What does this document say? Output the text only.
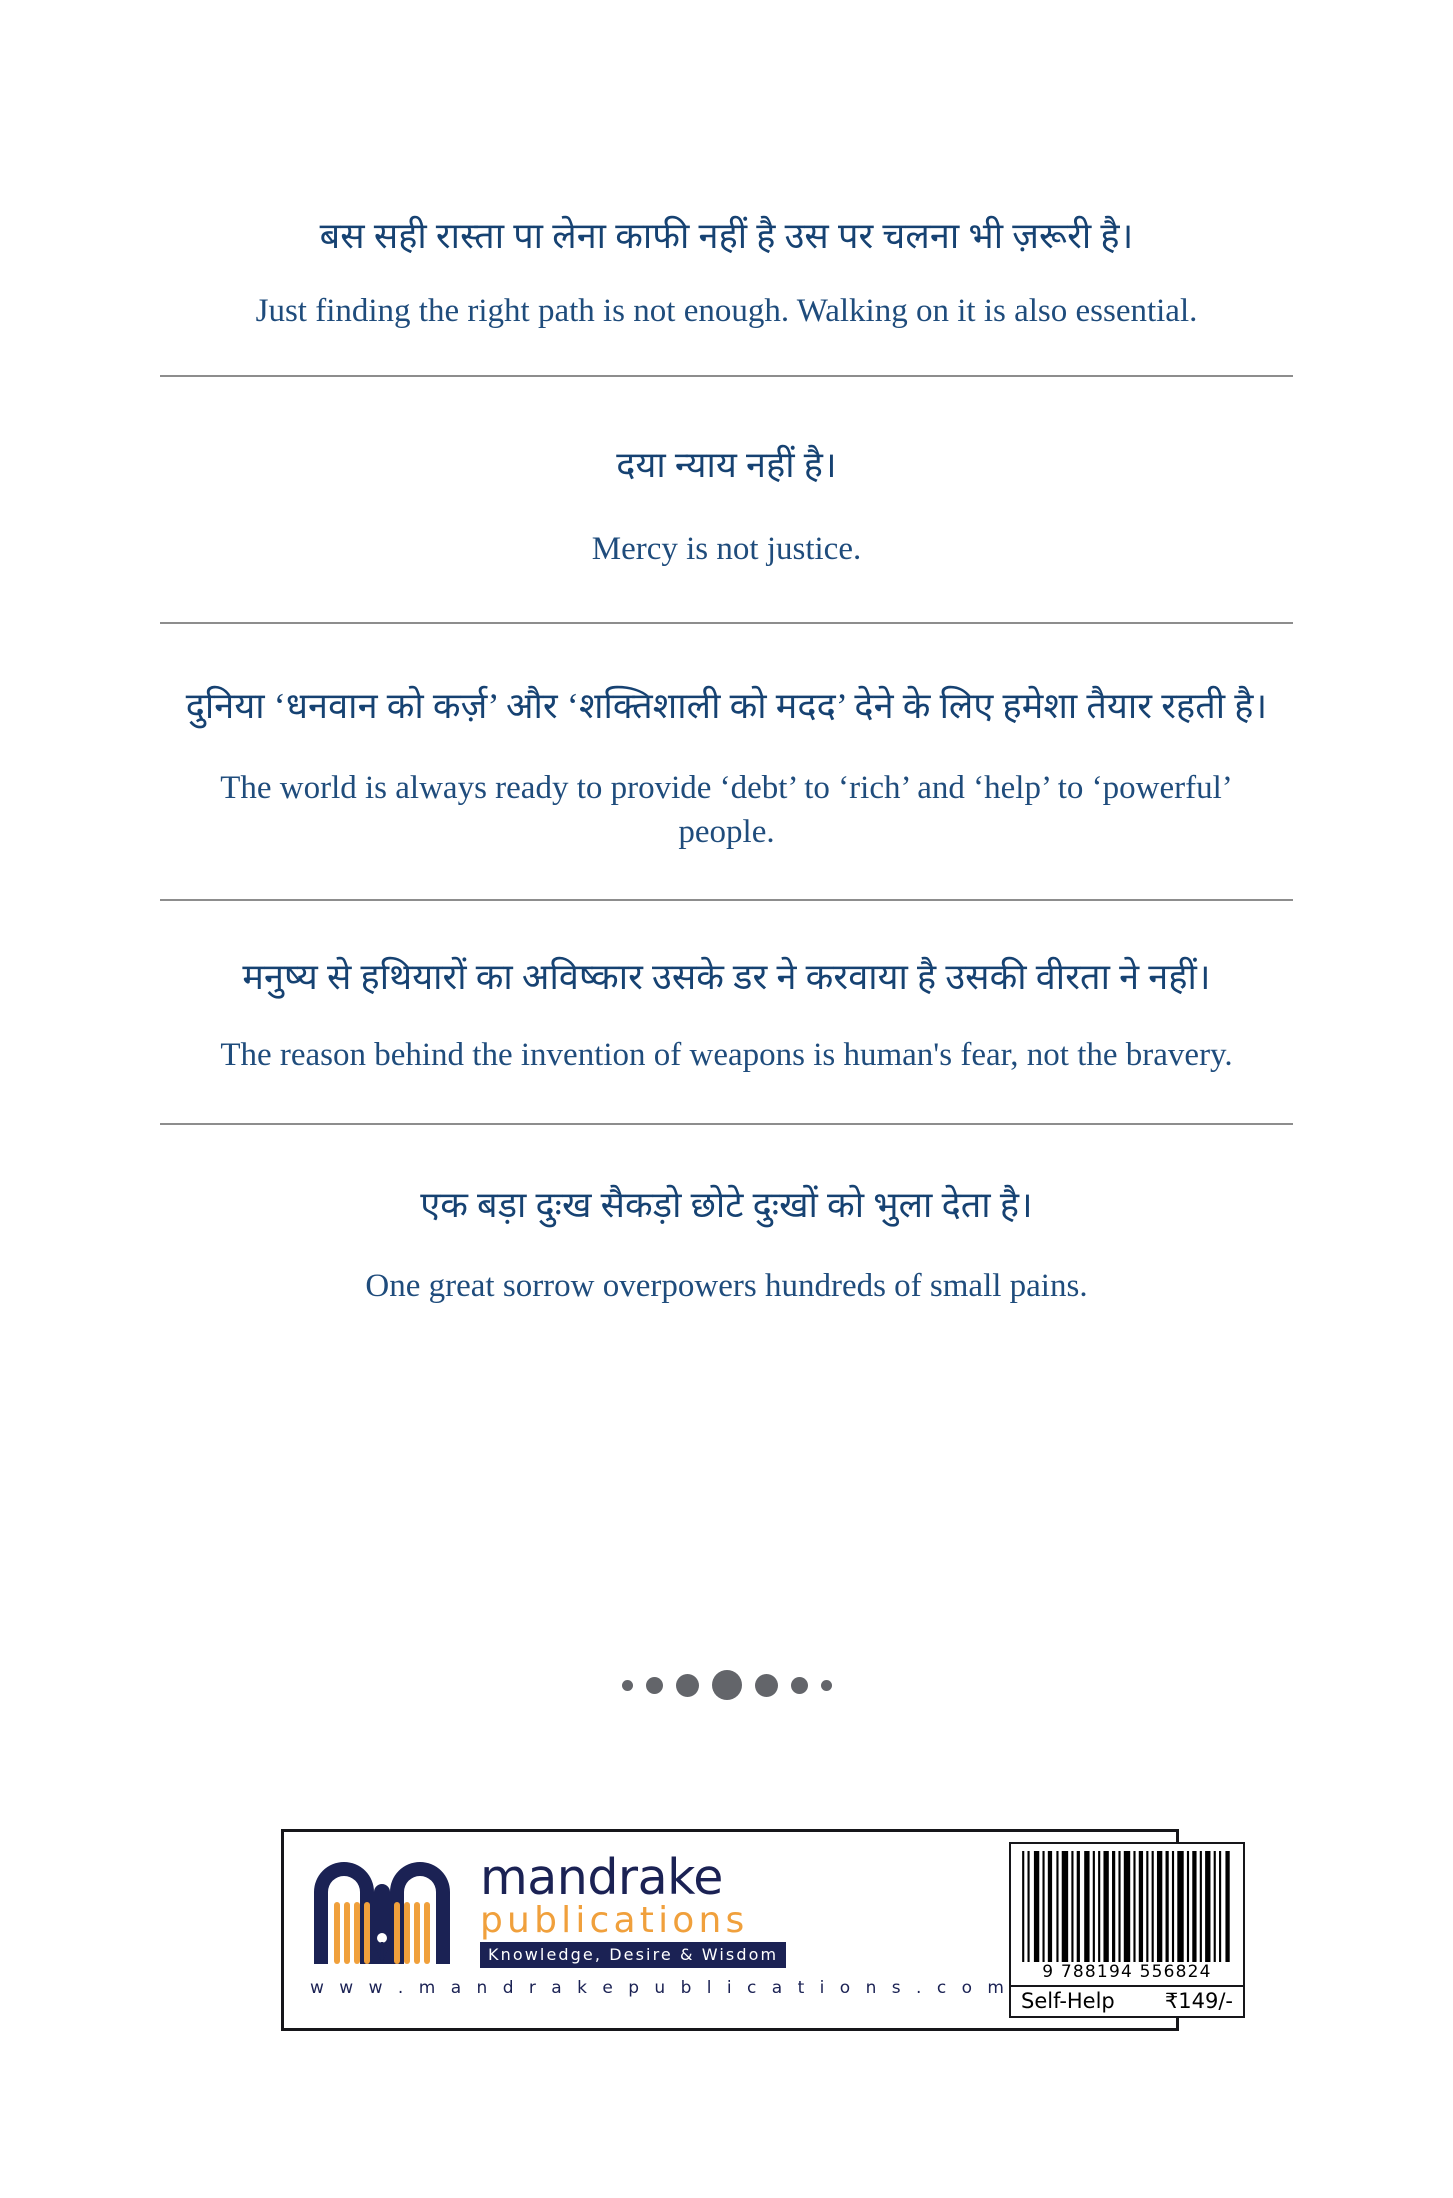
बस सही रास्ता पा लेना काफी नहीं है उस पर चलना भी ज़रूरी है।

Just finding the right path is not enough. Walking on it is also essential.

दया न्याय नहीं है।

Mercy is not justice.

दुनिया ‘धनवान को कर्ज़’ और ‘शक्तिशाली को मदद’ देने के लिए हमेशा तैयार रहती है।

The world is always ready to provide ‘debt’ to ‘rich’ and ‘help’ to ‘powerful’ people.

मनुष्य से हथियारों का अविष्कार उसके डर ने करवाया है उसकी वीरता ने नहीं।

The reason behind the invention of weapons is human's fear, not the bravery.

एक बड़ा दुःख सैकड़ो छोटे दुःखों को भुला देता है।

One great sorrow overpowers hundreds of small pains.

mandrake
publications
Knowledge, Desire & Wisdom
w w w . m a n d r a k e p u b l i c a t i o n s . c o m
9 788194 556824
Self-Help ₹149/-
